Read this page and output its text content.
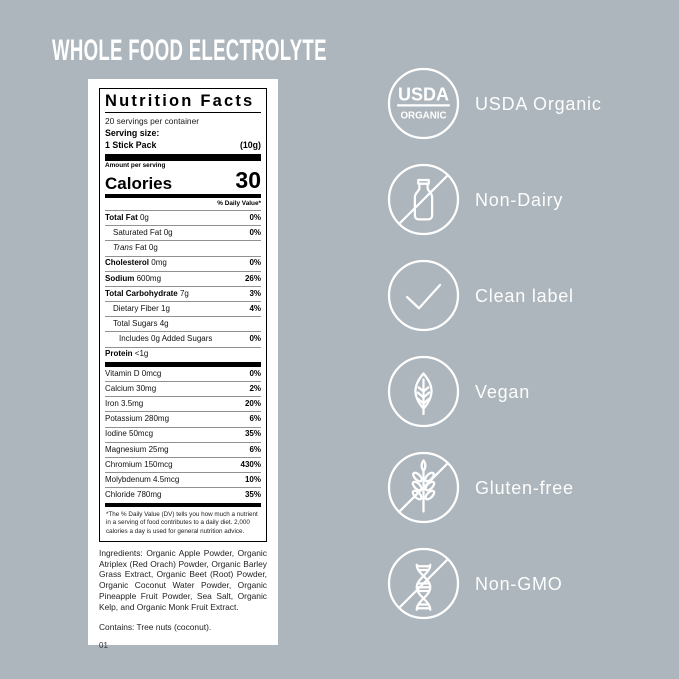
WHOLE FOOD ELECTROLYTE
Nutrition Facts
20 servings per container
Serving size:
1 Stick Pack	(10g)
Amount per serving
Calories	30
% Daily Value*
Total Fat 0g	0%
Saturated Fat 0g	0%
Trans Fat 0g
Cholesterol 0mg	0%
Sodium 600mg	26%
Total Carbohydrate 7g	3%
Dietary Fiber 1g	4%
Total Sugars 4g
Includes 0g Added Sugars	0%
Protein <1g
Vitamin D 0mcg	0%
Calcium 30mg	2%
Iron 3.5mg	20%
Potassium 280mg	6%
Iodine 50mcg	35%
Magnesium 25mg	6%
Chromium 150mcg	430%
Molybdenum 4.5mcg	10%
Chloride 780mg	35%
*The % Daily Value (DV) tells you how much a nutrient in a serving of food contributes to a daily diet. 2,000 calories a day is used for general nutrition advice.
Ingredients: Organic Apple Powder, Organic Atriplex (Red Orach) Powder, Organic Barley Grass Extract, Organic Beet (Root) Powder, Organic Coconut Water Powder, Organic Pineapple Fruit Powder, Sea Salt, Organic Kelp, and Organic Monk Fruit Extract.
Contains: Tree nuts (coconut).
01
USDA
ORGANIC
USDA Organic
Non-Dairy
Clean label
Vegan
Gluten-free
Non-GMO
